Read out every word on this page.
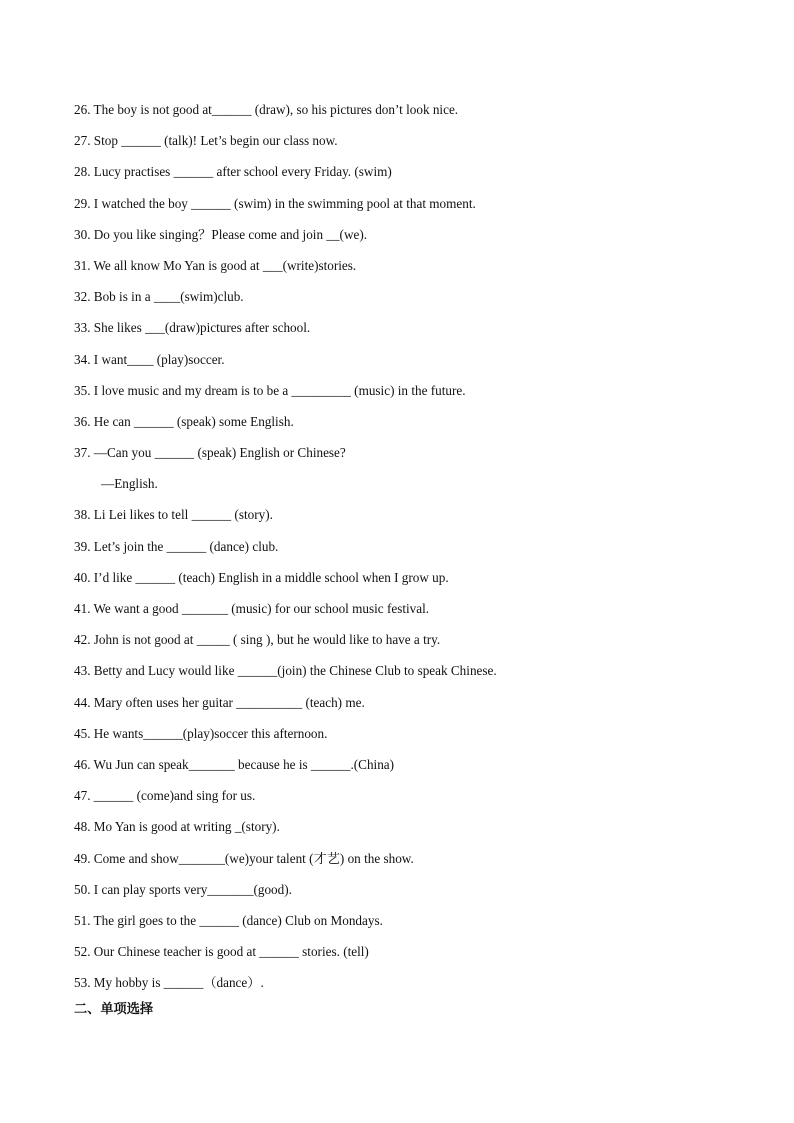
26. The boy is not good at______ (draw), so his pictures don’t look nice.
27. Stop ______ (talk)! Let’s begin our class now.
28. Lucy practises ______ after school every Friday. (swim)
29. I watched the boy ______ (swim) in the swimming pool at that moment.
30. Do you like singing？Please come and join __(we).
31. We all know Mo Yan is good at ___(write)stories.
32. Bob is in a ____(swim)club.
33. She likes ___(draw)pictures after school.
34. I want____ (play)soccer.
35. I love music and my dream is to be a _________ (music) in the future.
36. He can ______ (speak) some English.
37. —Can you ______ (speak) English or Chinese?
—English.
38. Li Lei likes to tell ______ (story).
39. Let’s join the ______ (dance) club.
40. I’d like ______ (teach) English in a middle school when I grow up.
41. We want a good _______ (music) for our school music festival.
42. John is not good at _____ ( sing ), but he would like to have a try.
43. Betty and Lucy would like ______(join) the Chinese Club to speak Chinese.
44. Mary often uses her guitar __________ (teach) me.
45. He wants______(play)soccer this afternoon.
46. Wu Jun can speak_______ because he is ______.(China)
47. ______ (come)and sing for us.
48. Mo Yan is good at writing _(story).
49. Come and show_______(we)your talent (才艺) on the show.
50. I can play sports very_______(good).
51. The girl goes to the ______ (dance) Club on Mondays.
52. Our Chinese teacher is good at ______ stories. (tell)
53. My hobby is ______（dance）.
二、单项选择
